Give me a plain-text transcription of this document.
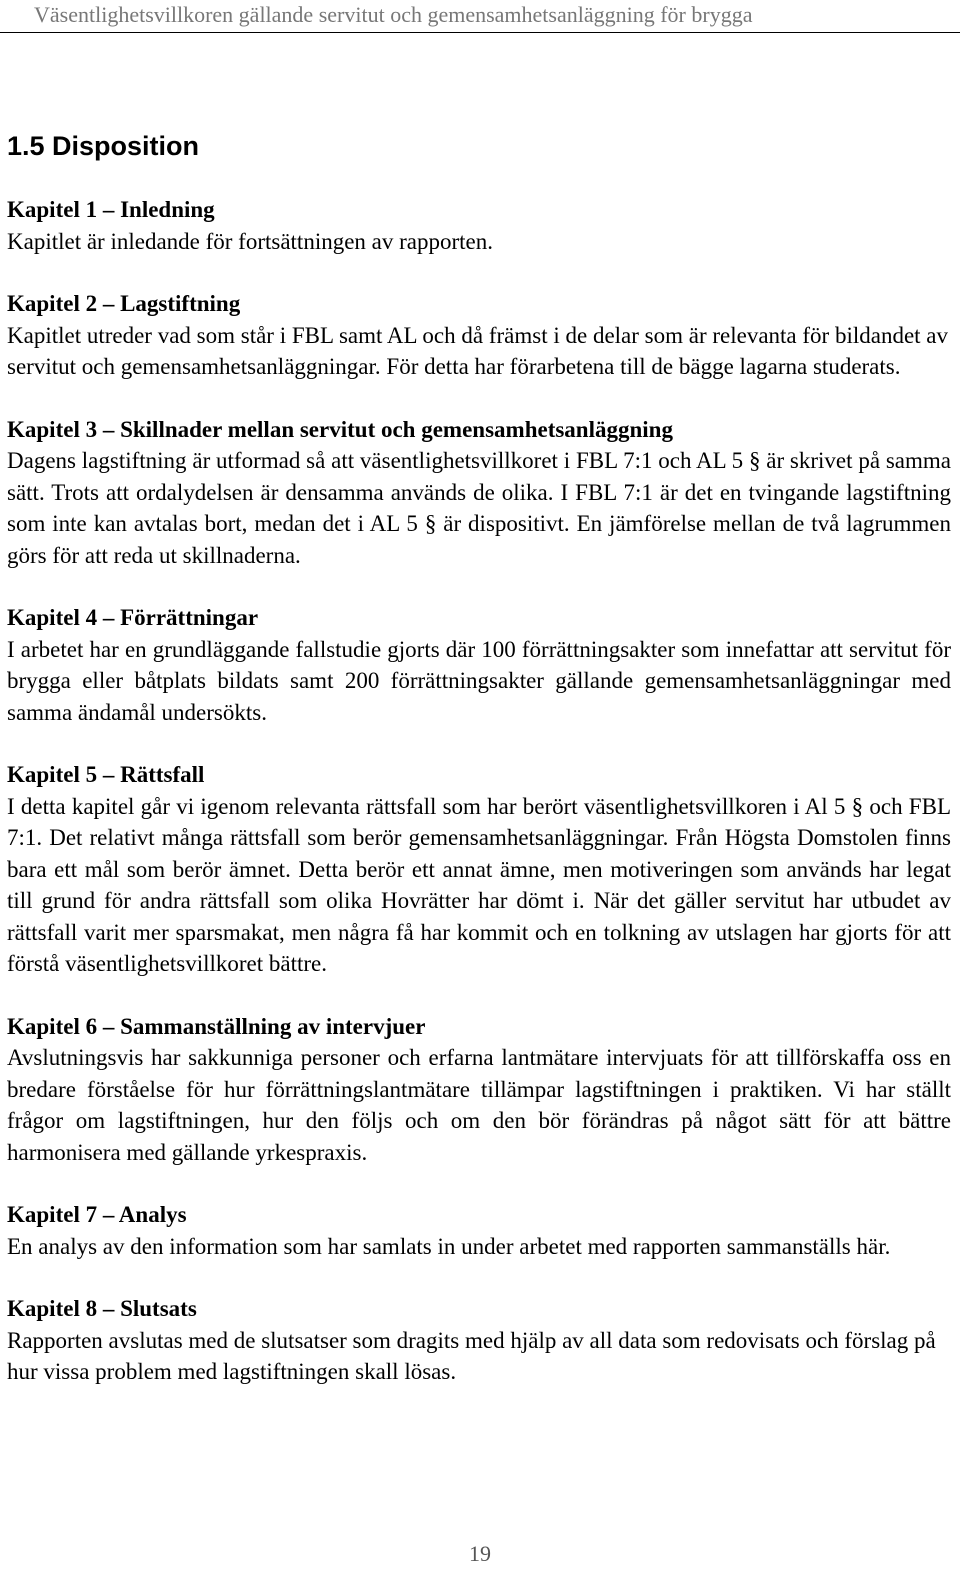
Väsentlighetsvillkoren gällande servitut och gemensamhetsanläggning för brygga
1.5 Disposition

Kapitel 1 – Inledning

Kapitlet är inledande för fortsättningen av rapporten.

Kapitel 2 – Lagstiftning

Kapitlet utreder vad som står i FBL samt AL och då främst i de delar som är relevanta för bildandet av servitut och gemensamhetsanläggningar. För detta har förarbetena till de bägge lagarna studerats.

Kapitel 3 – Skillnader mellan servitut och gemensamhetsanläggning

Dagens lagstiftning är utformad så att väsentlighetsvillkoret i FBL 7:1 och AL 5 § är skrivet på samma sätt. Trots att ordalydelsen är densamma används de olika. I FBL 7:1 är det en tvingande lagstiftning som inte kan avtalas bort, medan det i AL 5 § är dispositivt. En jämförelse mellan de två lagrummen görs för att reda ut skillnaderna.

Kapitel 4 – Förrättningar

I arbetet har en grundläggande fallstudie gjorts där 100 förrättningsakter som innefattar att servitut för brygga eller båtplats bildats samt 200 förrättningsakter gällande gemensamhetsanläggningar med samma ändamål undersökts.

Kapitel 5 – Rättsfall

I detta kapitel går vi igenom relevanta rättsfall som har berört väsentlighetsvillkoren i Al 5 § och FBL 7:1. Det relativt många rättsfall som berör gemensamhetsanläggningar. Från Högsta Domstolen finns bara ett mål som berör ämnet. Detta berör ett annat ämne, men motiveringen som används har legat till grund för andra rättsfall som olika Hovrätter har dömt i. När det gäller servitut har utbudet av rättsfall varit mer sparsmakat, men några få har kommit och en tolkning av utslagen har gjorts för att förstå väsentlighetsvillkoret bättre.

Kapitel 6 – Sammanställning av intervjuer

Avslutningsvis har sakkunniga personer och erfarna lantmätare intervjuats för att tillförskaffa oss en bredare förståelse för hur förrättningslantmätare tillämpar lagstiftningen i praktiken. Vi har ställt frågor om lagstiftningen, hur den följs och om den bör förändras på något sätt för att bättre harmonisera med gällande yrkespraxis.

Kapitel 7 – Analys

En analys av den information som har samlats in under arbetet med rapporten sammanställs här.

Kapitel 8 – Slutsats

Rapporten avslutas med de slutsatser som dragits med hjälp av all data som redovisats och förslag på hur vissa problem med lagstiftningen skall lösas.

19
